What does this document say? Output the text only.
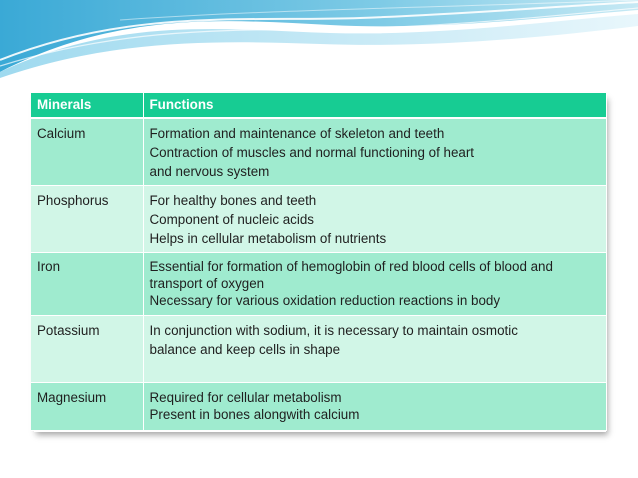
Minerals	Functions
Calcium	Formation and maintenance of skeleton and teeth
Contraction of muscles and normal functioning of heart
and nervous system

Phosphorus	For healthy bones and teeth
Component of nucleic acids
Helps in cellular metabolism of nutrients

Iron	Essential for formation of hemoglobin of red blood cells of blood and transport of oxygen
Necessary for various oxidation reduction reactions in body

Potassium	In conjunction with sodium, it is necessary to maintain osmotic
balance and keep cells in shape

Magnesium	Required for cellular metabolism
Present in bones alongwith calcium
